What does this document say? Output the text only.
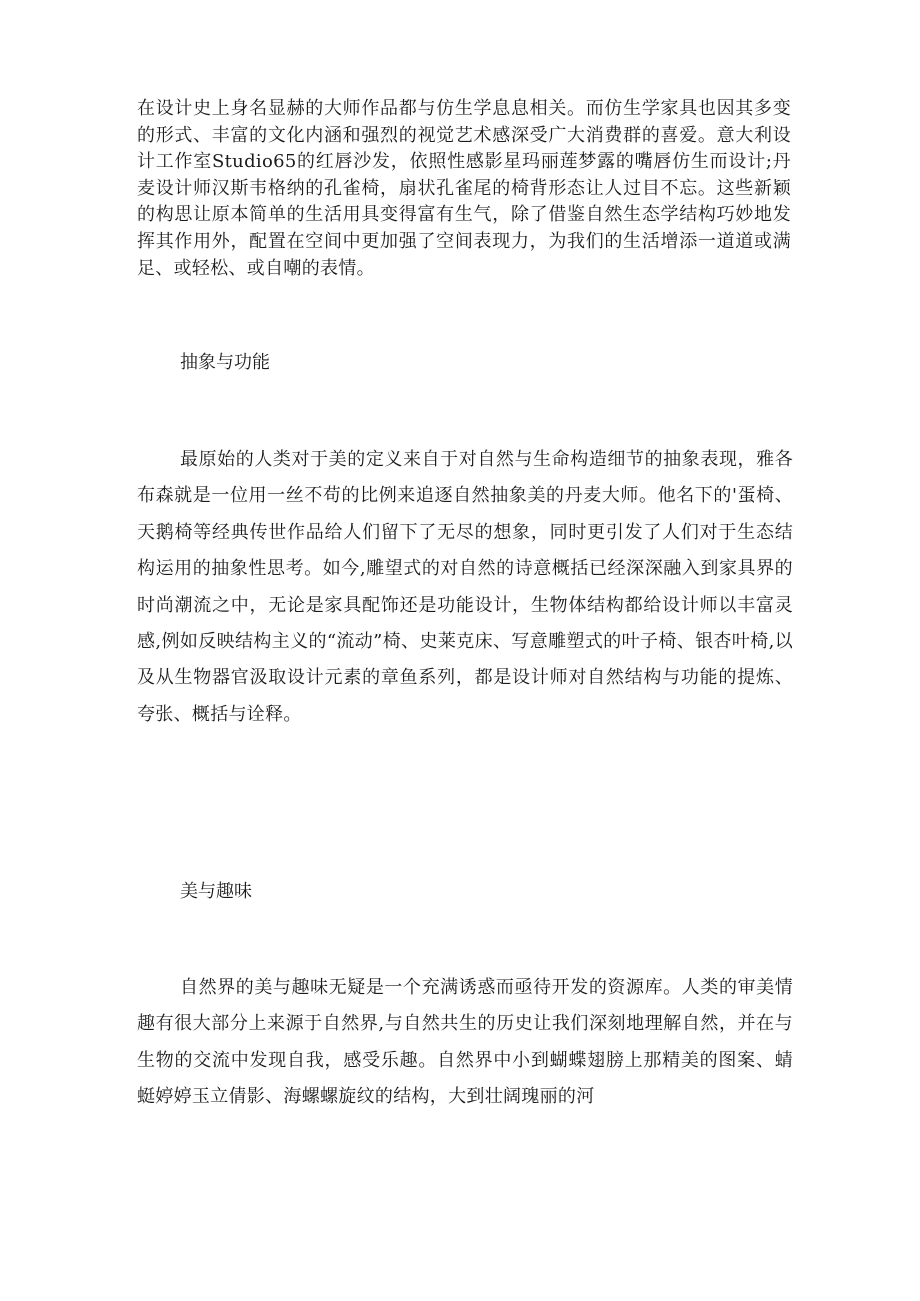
在设计史上身名显赫的大师作品都与仿生学息息相关。而仿生学家具也因其多变的形式、丰富的文化内涵和强烈的视觉艺术感深受广大消费群的喜爱。意大利设计工作室Studio65的红唇沙发，依照性感影星玛丽莲梦露的嘴唇仿生而设计;丹麦设计师汉斯韦格纳的孔雀椅，扇状孔雀尾的椅背形态让人过目不忘。这些新颖的构思让原本简单的生活用具变得富有生气，除了借鉴自然生态学结构巧妙地发挥其作用外，配置在空间中更加强了空间表现力，为我们的生活增添一道道或满足、或轻松、或自嘲的表情。

抽象与功能

最原始的人类对于美的定义来自于对自然与生命构造细节的抽象表现，雅各布森就是一位用一丝不苟的比例来追逐自然抽象美的丹麦大师。他名下的'蛋椅、天鹅椅等经典传世作品给人们留下了无尽的想象，同时更引发了人们对于生态结构运用的抽象性思考。如今,雕望式的对自然的诗意概括已经深深融入到家具界的时尚潮流之中，无论是家具配饰还是功能设计，生物体结构都给设计师以丰富灵感,例如反映结构主义的“流动”椅、史莱克床、写意雕塑式的叶子椅、银杏叶椅,以及从生物器官汲取设计元素的章鱼系列，都是设计师对自然结构与功能的提炼、夸张、概括与诠释。

美与趣味

自然界的美与趣味无疑是一个充满诱惑而亟待开发的资源库。人类的审美情趣有很大部分上来源于自然界,与自然共生的历史让我们深刻地理解自然，并在与生物的交流中发现自我，感受乐趣。自然界中小到蝴蝶翅膀上那精美的图案、蜻蜓婷婷玉立倩影、海螺螺旋纹的结构，大到壮阔瑰丽的河
